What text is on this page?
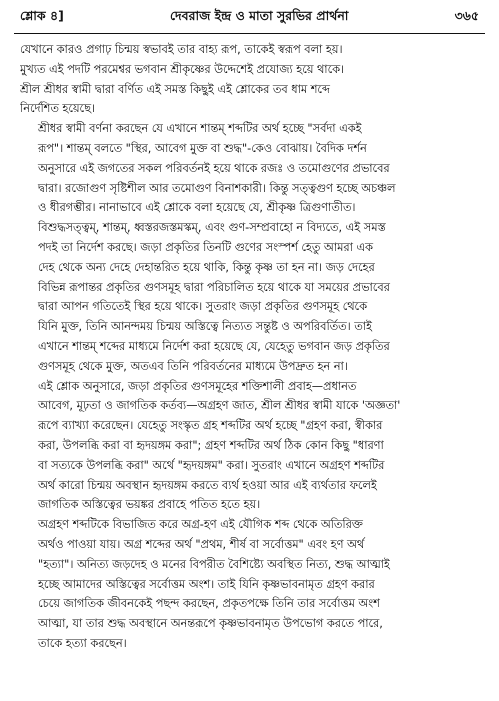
শ্লোক ৪]	দেবরাজ ইন্দ্র ও মাতা সুরভির প্রার্থনা	৩৬৫

যেখানে কারও প্রগাঢ় চিন্ময় স্বভাবই তার বাহ্য রূপ, তাকেই স্বরূপ বলা হয়।
মুখ্যত এই পদটি পরমেশ্বর ভগবান শ্রীকৃষ্ণের উদ্দেশেই প্রযোজ্য হয়ে থাকে।
শ্রীল শ্রীধর স্বামী দ্বারা বর্ণিত এই সমস্ত কিছুই এই শ্লোকের তব ধাম শব্দে
নির্দেশিত হয়েছে।

শ্রীধর স্বামী বর্ণনা করছেন যে এখানে শান্তম্ শব্দটির অর্থ হচ্ছে "সর্বদা একই
রূপ"। শান্তম্ বলতে "স্থির, আবেগ মুক্ত বা শুদ্ধ"-কেও বোঝায়। বৈদিক দর্শন
অনুসারে এই জগতের সকল পরিবর্তনই হয়ে থাকে রজঃ ও তমোগুণের প্রভাবের
দ্বারা। রজোগুণ সৃষ্টিশীল আর তমোগুণ বিনাশকারী। কিন্তু সত্ত্বগুণ হচ্ছে অচঞ্চল
ও ধীরগম্ভীর। নানাভাবে এই শ্লোকে বলা হয়েছে যে, শ্রীকৃষ্ণ ত্রিগুণাতীত।
বিশুদ্ধসত্ত্বম্, শান্তম্, ধ্বস্তরজস্তমস্কম্, এবং গুণ-সম্প্রবাহো ন বিদ্যতে, এই সমস্ত
পদই তা নির্দেশ করছে। জড়া প্রকৃতির তিনটি গুণের সংস্পর্শ হেতু আমরা এক
দেহ থেকে অন্য দেহে দেহান্তরিত হয়ে থাকি, কিন্তু কৃষ্ণ তা হন না। জড় দেহের
বিভিন্ন রূপান্তর প্রকৃতির গুণসমূহ দ্বারা পরিচালিত হয়ে থাকে যা সময়ের প্রভাবের
দ্বারা আপন গতিতেই স্থির হয়ে থাকে। সুতরাং জড়া প্রকৃতির গুণসমূহ থেকে
যিনি মুক্ত, তিনি আনন্দময় চিন্ময় অস্তিত্বে নিত্যত সন্তুষ্ট ও অপরিবর্তিত। তাই
এখানে শান্তম্ শব্দের মাধ্যমে নির্দেশ করা হয়েছে যে, যেহেতু ভগবান জড় প্রকৃতির
গুণসমূহ থেকে মুক্ত, অতএব তিনি পরিবর্তনের মাধ্যমে উপদ্রুত হন না।

এই শ্লোক অনুসারে, জড়া প্রকৃতির গুণসমূহের শক্তিশালী প্রবাহ—প্রধানত
আবেগ, মূঢ়তা ও জাগতিক কর্তব্য—অগ্রহণ জাত, শ্রীল শ্রীধর স্বামী যাকে 'অজ্ঞতা'
রূপে ব্যাখ্যা করেছেন। যেহেতু সংস্কৃত গ্রহ শব্দটির অর্থ হচ্ছে "গ্রহণ করা, স্বীকার
করা, উপলব্ধি করা বা হৃদয়ঙ্গম করা"; গ্রহণ শব্দটির অর্থ ঠিক কোন কিছু "ধারণা
বা সত্যকে উপলব্ধি করা" অর্থে "হৃদয়ঙ্গম" করা। সুতরাং এখানে অগ্রহণ শব্দটির
অর্থ কারো চিন্ময় অবস্থান হৃদয়ঙ্গম করতে ব্যর্থ হওয়া আর এই ব্যর্থতার ফলেই
জাগতিক অস্তিত্বের ভয়ঙ্কর প্রবাহে পতিত হতে হয়।

অগ্রহণ শব্দটিকে বিভাজিত করে অগ্র-হণ এই যৌগিক শব্দ থেকে অতিরিক্ত
অর্থও পাওয়া যায়। অগ্র শব্দের অর্থ "প্রথম, শীর্ষ বা সর্বোত্তম" এবং হণ অর্থ
"হত্যা"। অনিত্য জড়দেহ ও মনের বিপরীত বৈশিষ্ট্যে অবস্থিত নিত্য, শুদ্ধ আত্মাই
হচ্ছে আমাদের অস্তিত্বের সর্বোত্তম অংশ। তাই যিনি কৃষ্ণভাবনামৃত গ্রহণ করার
চেয়ে জাগতিক জীবনকেই পছন্দ করছেন, প্রকৃতপক্ষে তিনি তার সর্বোত্তম অংশ
আত্মা, যা তার শুদ্ধ অবস্থানে অনন্তরূপে কৃষ্ণভাবনামৃত উপভোগ করতে পারে,
তাকে হত্যা করছেন।
